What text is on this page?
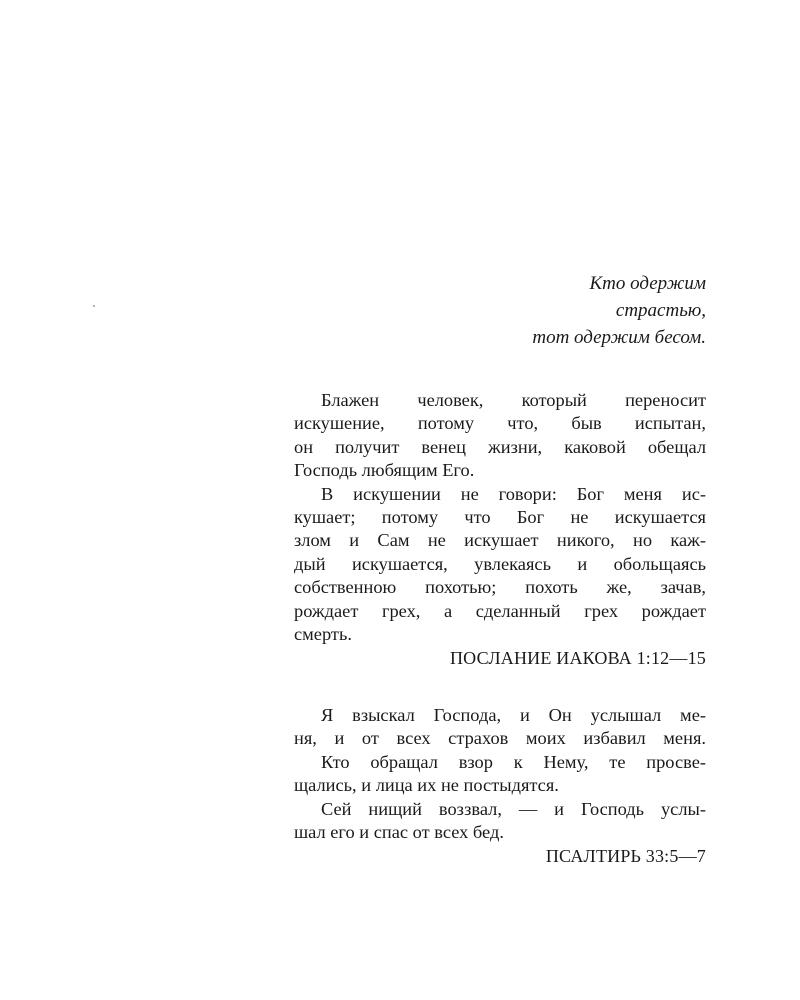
Кто одержим
страстью,
тот одержим бесом.
Блажен человек, который переносит
искушение, потому что, быв испытан,
он получит венец жизни, каковой обещал
Господь любящим Его.
В искушении не говори: Бог меня ис-
кушает; потому что Бог не искушается
злом и Сам не искушает никого, но каж-
дый искушается, увлекаясь и обольщаясь
собственною похотью; похоть же, зачав,
рождает грех, а сделанный грех рождает
смерть.
ПОСЛАНИЕ ИАКОВА 1:12—15
Я взыскал Господа, и Он услышал ме-
ня, и от всех страхов моих избавил меня.
Кто обращал взор к Нему, те просве-
щались, и лица их не постыдятся.
Сей нищий воззвал, — и Господь услы-
шал его и спас от всех бед.
ПСАЛТИРЬ 33:5—7
